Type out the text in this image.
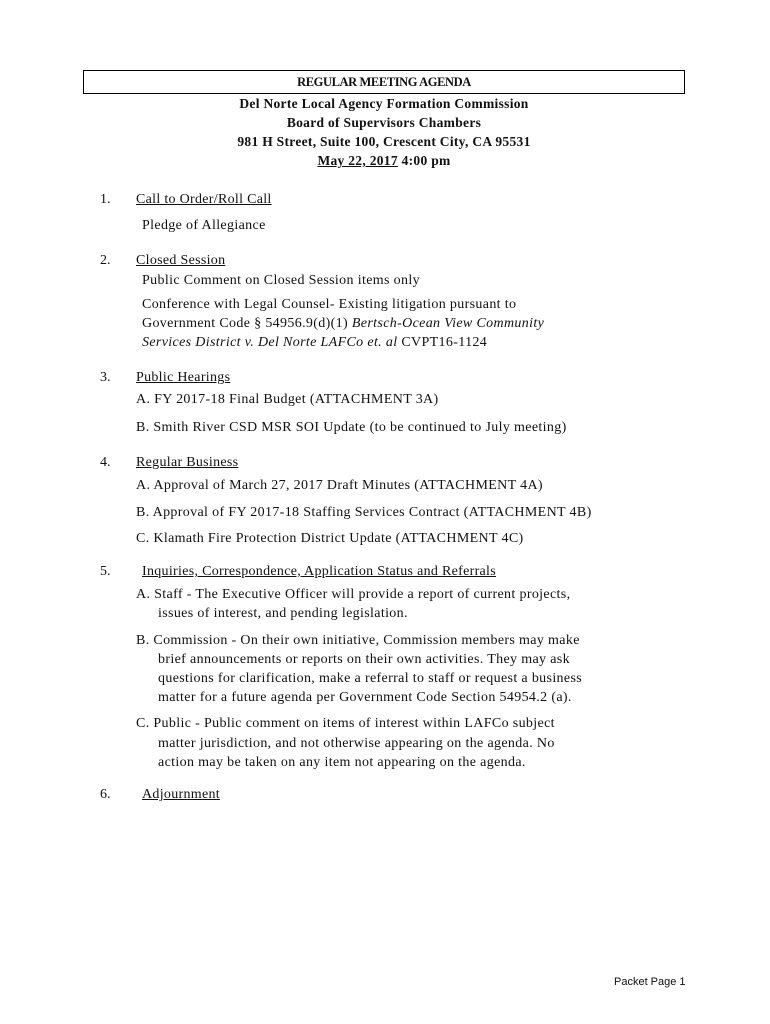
REGULAR MEETING AGENDA
Del Norte Local Agency Formation Commission
Board of Supervisors Chambers
981 H Street, Suite 100, Crescent City, CA 95531
May 22, 2017 4:00 pm
1. Call to Order/Roll Call
Pledge of Allegiance
2. Closed Session
Public Comment on Closed Session items only
Conference with Legal Counsel- Existing litigation pursuant to
Government Code § 54956.9(d)(1) Bertsch-Ocean View Community
Services District v. Del Norte LAFCo et. al CVPT16-1124
3. Public Hearings
A. FY 2017-18 Final Budget (ATTACHMENT 3A)
B. Smith River CSD MSR SOI Update (to be continued to July meeting)
4. Regular Business
A. Approval of March 27, 2017 Draft Minutes (ATTACHMENT 4A)
B. Approval of FY 2017-18 Staffing Services Contract (ATTACHMENT 4B)
C. Klamath Fire Protection District Update (ATTACHMENT 4C)
5. Inquiries, Correspondence, Application Status and Referrals
A. Staff - The Executive Officer will provide a report of current projects,
issues of interest, and pending legislation.
B. Commission - On their own initiative, Commission members may make
brief announcements or reports on their own activities. They may ask
questions for clarification, make a referral to staff or request a business
matter for a future agenda per Government Code Section 54954.2 (a).
C. Public - Public comment on items of interest within LAFCo subject
matter jurisdiction, and not otherwise appearing on the agenda. No
action may be taken on any item not appearing on the agenda.
6. Adjournment
Packet Page 1
